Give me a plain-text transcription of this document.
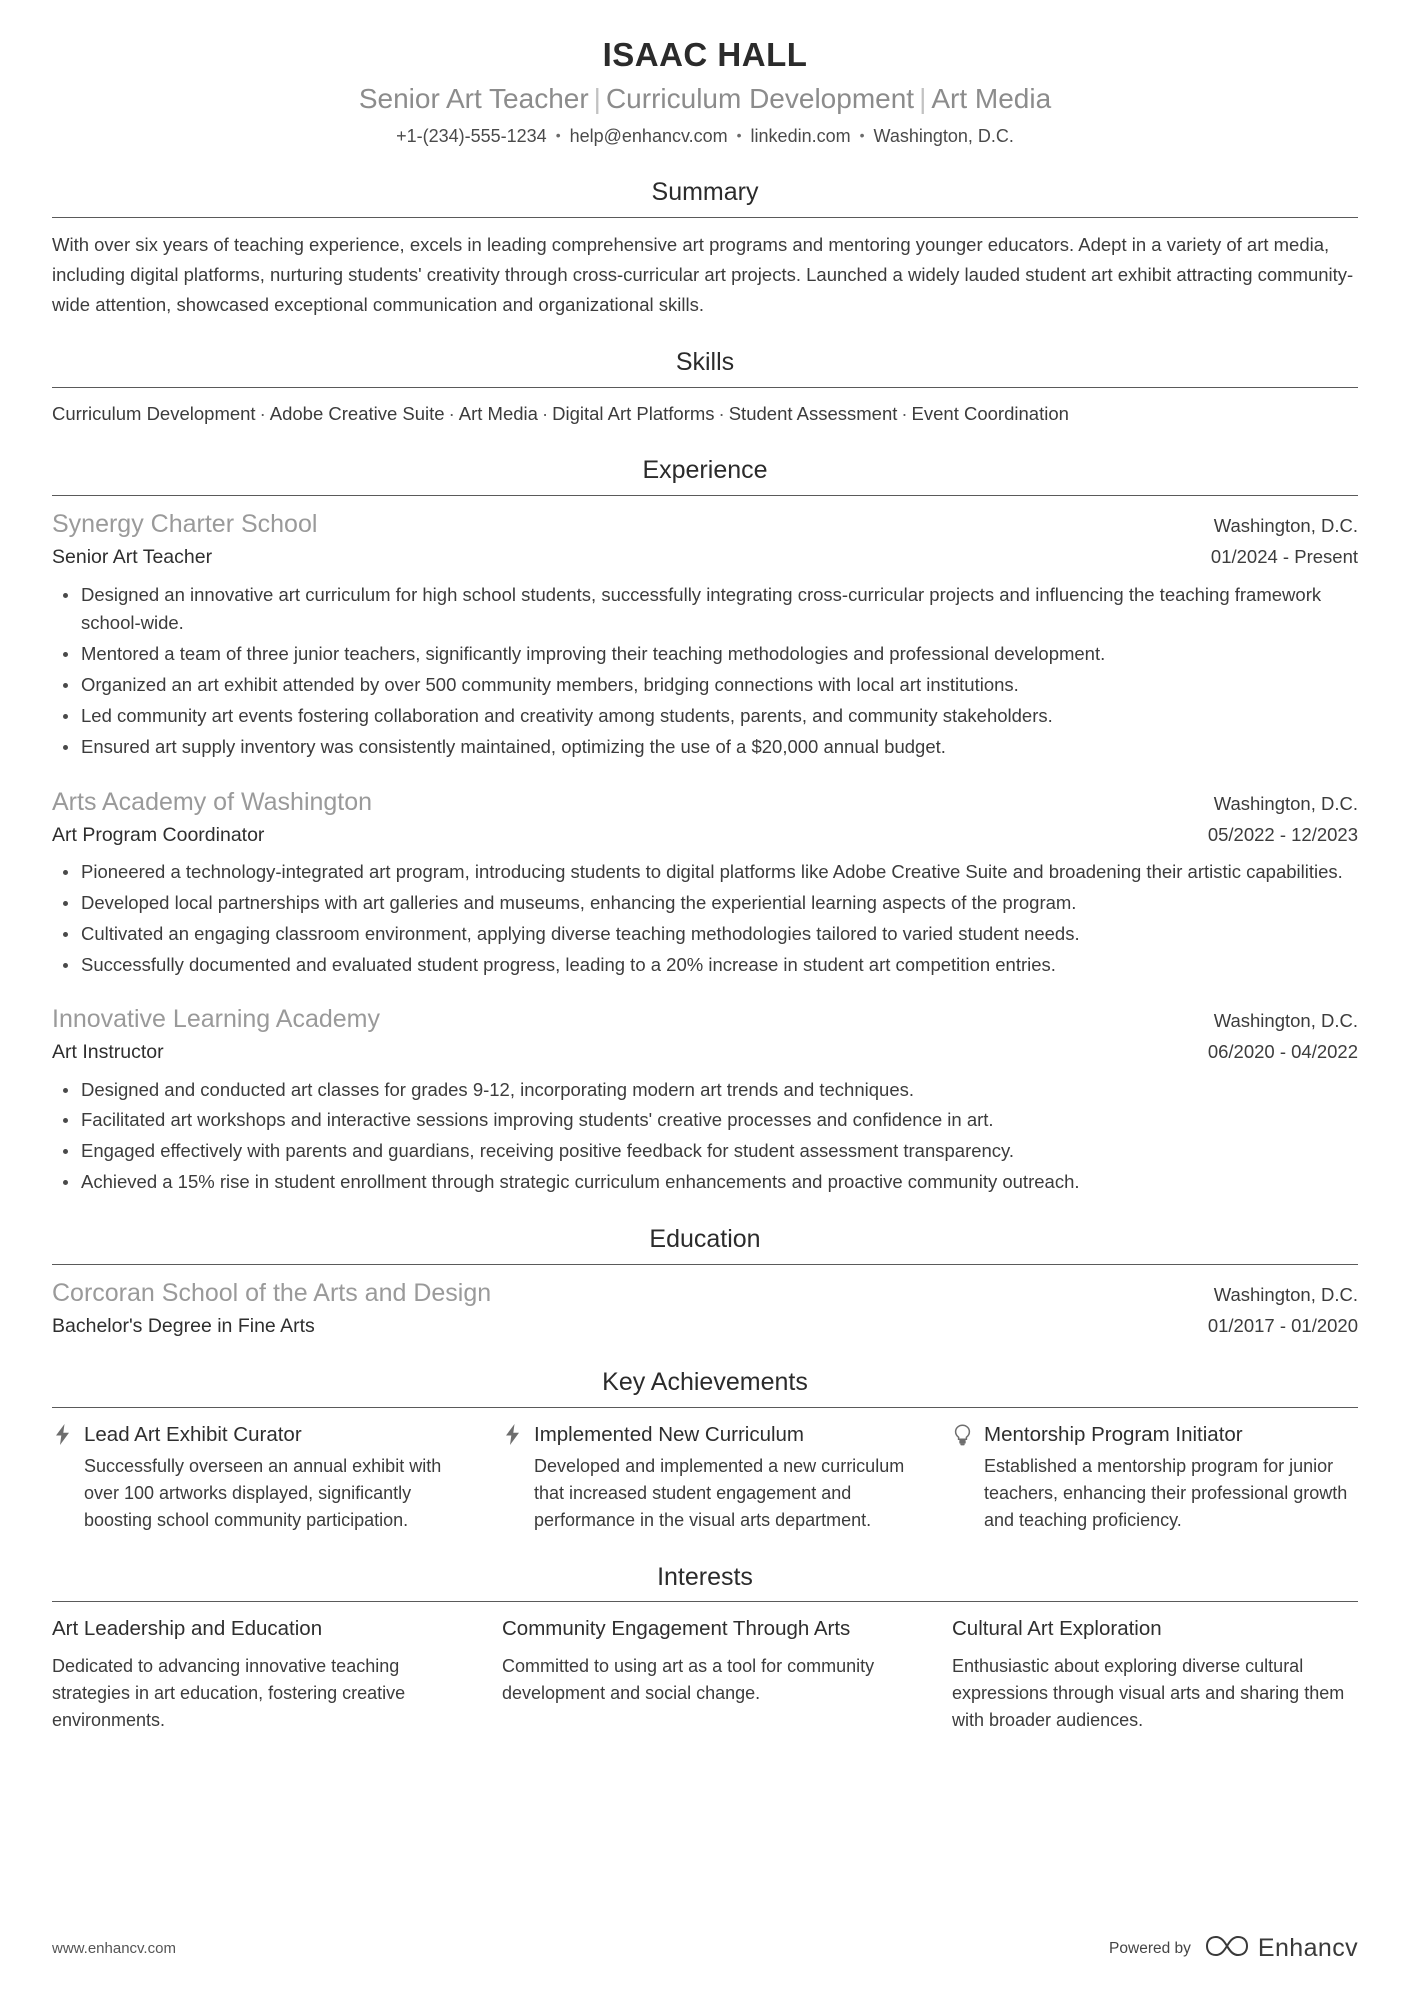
ISAAC HALL
Senior Art Teacher | Curriculum Development | Art Media
+1-(234)-555-1234 • help@enhancv.com • linkedin.com • Washington, D.C.
Summary

With over six years of teaching experience, excels in leading comprehensive art programs and mentoring younger educators. Adept in a variety of art media, including digital platforms, nurturing students' creativity through cross-curricular art projects. Launched a widely lauded student art exhibit attracting community-wide attention, showcased exceptional communication and organizational skills.

Skills
Curriculum Development · Adobe Creative Suite · Art Media · Digital Art Platforms · Student Assessment · Event Coordination
Experience
Synergy Charter School	Washington, D.C.
Senior Art Teacher	01/2024 - Present
Designed an innovative art curriculum for high school students, successfully integrating cross-curricular projects and influencing the teaching framework school-wide.
Mentored a team of three junior teachers, significantly improving their teaching methodologies and professional development.
Organized an art exhibit attended by over 500 community members, bridging connections with local art institutions.
Led community art events fostering collaboration and creativity among students, parents, and community stakeholders.
Ensured art supply inventory was consistently maintained, optimizing the use of a $20,000 annual budget.
Arts Academy of Washington	Washington, D.C.
Art Program Coordinator	05/2022 - 12/2023
Pioneered a technology-integrated art program, introducing students to digital platforms like Adobe Creative Suite and broadening their artistic capabilities.
Developed local partnerships with art galleries and museums, enhancing the experiential learning aspects of the program.
Cultivated an engaging classroom environment, applying diverse teaching methodologies tailored to varied student needs.
Successfully documented and evaluated student progress, leading to a 20% increase in student art competition entries.
Innovative Learning Academy	Washington, D.C.
Art Instructor	06/2020 - 04/2022
Designed and conducted art classes for grades 9-12, incorporating modern art trends and techniques.
Facilitated art workshops and interactive sessions improving students' creative processes and confidence in art.
Engaged effectively with parents and guardians, receiving positive feedback for student assessment transparency.
Achieved a 15% rise in student enrollment through strategic curriculum enhancements and proactive community outreach.
Education
Corcoran School of the Arts and Design	Washington, D.C.
Bachelor's Degree in Fine Arts	01/2017 - 01/2020
Key Achievements
Lead Art Exhibit Curator
Successfully overseen an annual exhibit with over 100 artworks displayed, significantly boosting school community participation.
Implemented New Curriculum
Developed and implemented a new curriculum that increased student engagement and performance in the visual arts department.
Mentorship Program Initiator
Established a mentorship program for junior teachers, enhancing their professional growth and teaching proficiency.
Interests
Art Leadership and Education
Dedicated to advancing innovative teaching strategies in art education, fostering creative environments.
Community Engagement Through Arts
Committed to using art as a tool for community development and social change.
Cultural Art Exploration
Enthusiastic about exploring diverse cultural expressions through visual arts and sharing them with broader audiences.
www.enhancv.com	Powered by	Enhancv
